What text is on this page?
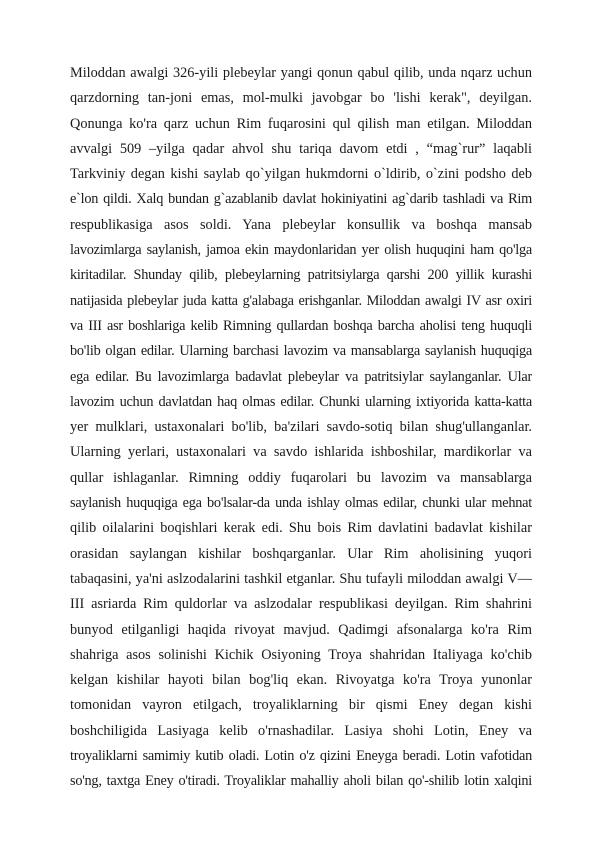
Miloddan awalgi 326-yili plebeylar yangi qonun qabul qilib, unda nqarz uchun
qarzdorning tan-joni emas, mol-mulki javobgar bo 'lishi kerak", deyilgan.
Qonunga ko'ra qarz uchun Rim fuqarosini qul qilish man etilgan. Miloddan
avvalgi 509 –yilga qadar ahvol shu tariqa davom etdi , “mag`rur” laqabli
Tarkviniy degan kishi saylab qo`yilgan hukmdorni o`ldirib, o`zini podsho deb
e`lon qildi. Xalq bundan g`azablanib davlat hokiniyatini ag`darib tashladi va Rim
respublikasiga asos soldi. Yana plebeylar konsullik va boshqa mansab
lavozimlarga saylanish, jamoa ekin maydonlaridan yer olish huquqini ham qo'lga
kiritadilar. Shunday qilib, plebeylarning patritsiylarga qarshi 200 yillik kurashi
natijasida plebeylar juda katta g'alabaga erishganlar. Miloddan awalgi IV asr oxiri
va III asr boshlariga kelib Rimning qullardan boshqa barcha aholisi teng huquqli
bo'lib olgan edilar. Ularning barchasi lavozim va mansablarga saylanish huquqiga
ega edilar. Bu lavozimlarga badavlat plebeylar va patritsiylar saylanganlar. Ular
lavozim uchun davlatdan haq olmas edilar. Chunki ularning ixtiyorida katta-katta
yer mulklari, ustaxonalari bo'lib, ba'zilari savdo-sotiq bilan shug'ullanganlar.
Ularning yerlari, ustaxonalari va savdo ishlarida ishboshilar, mardikorlar va
qullar ishlaganlar. Rimning oddiy fuqarolari bu lavozim va mansablarga
saylanish huquqiga ega bo'lsalar-da unda ishlay olmas edilar, chunki ular mehnat
qilib oilalarini boqishlari kerak edi. Shu bois Rim davlatini badavlat kishilar
orasidan saylangan kishilar boshqarganlar. Ular Rim aholisining yuqori
tabaqasini, ya'ni aslzodalarini tashkil etganlar. Shu tufayli miloddan awalgi V—
III asriarda Rim quldorlar va aslzodalar respublikasi deyilgan. Rim shahrini
bunyod etilganligi haqida rivoyat mavjud. Qadimgi afsonalarga ko'ra Rim
shahriga asos solinishi Kichik Osiyoning Troya shahridan Italiyaga ko'chib
kelgan kishilar hayoti bilan bog'liq ekan. Rivoyatga ko'ra Troya yunonlar
tomonidan vayron etilgach, troyaliklarning bir qismi Eney degan kishi
boshchiligida Lasiyaga kelib o'rnashadilar. Lasiya shohi Lotin, Eney va
troyaliklarni samimiy kutib oladi. Lotin o'z qizini Eneyga beradi. Lotin vafotidan
so'ng, taxtga Eney o'tiradi. Troyaliklar mahalliy aholi bilan qo'-shilib lotin xalqini
